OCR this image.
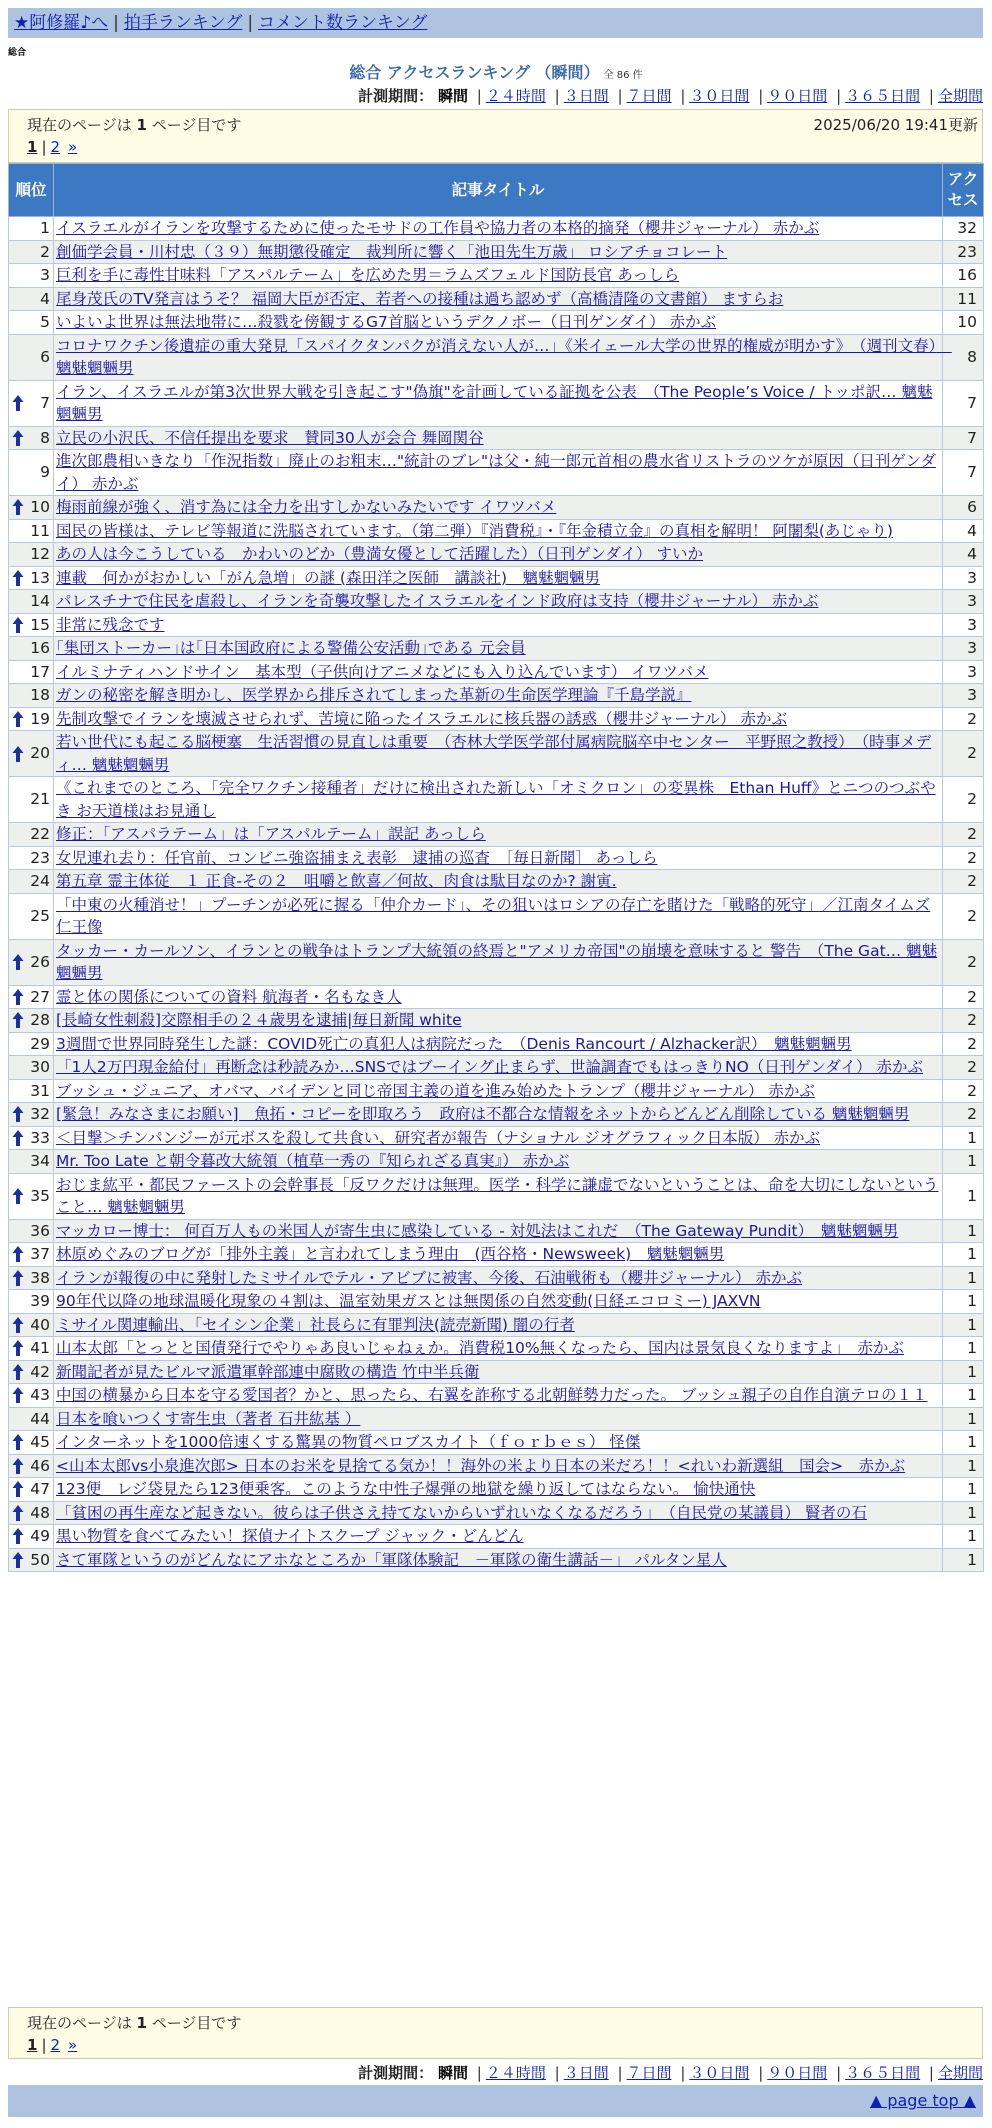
★阿修羅♪へ | 拍手ランキング | コメント数ランキング
総合
総合 アクセスランキング （瞬間） 全 86 件
計測期間： 瞬間 | ２４時間 | ３日間 | ７日間 | ３０日間 | ９０日間 | ３６５日間 | 全期間
現在のページは 1 ページ目です	2025/06/20 19:41更新
1 | 2 »
順位	記事タイトル	アクセス
1	イスラエルがイランを攻撃するために使ったモサドの工作員や協力者の本格的摘発（櫻井ジャーナル） 赤かぶ	32
2	創価学会員・川村忠（３９）無期懲役確定　裁判所に響く「池田先生万歳」 ロシアチョコレート	23
3	巨利を手に毒性甘味料「アスパルテーム」を広めた男＝ラムズフェルド国防長官 あっしら	16
4	尾身茂氏のTV発言はうそ？ 福岡大臣が否定、若者への接種は過ち認めず（高橋清隆の文書館） ますらお	11
5	いよいよ世界は無法地帯に…殺戮を傍観するG7首脳というデクノボー（日刊ゲンダイ） 赤かぶ	10
6	コロナワクチン後遺症の重大発見「スパイクタンパクが消えない人が…」《米イェール大学の世界的権威が明かす》　（週刊文春）　魑魅魍魎男	8

7	イラン、イスラエルが第3次世界大戦を引き起こす"偽旗"を計画している証拠を公表　（The People’s Voice / トッポ訳… 魑魅魍魎男	7

8	立民の小沢氏、不信任提出を要求　賛同30人が会合 舞岡関谷	7
9	進次郎農相いきなり「作況指数」廃止のお粗末…"統計のブレ"は父・純一郎元首相の農水省リストラのツケが原因（日刊ゲンダイ） 赤かぶ	7

10	梅雨前線が強く、消す為には全力を出すしかないみたいです イワツバメ	6
11	国民の皆様は、テレビ等報道に洗脳されています。（第二弾）『消費税』・『年金積立金』の真相を解明！ 阿闍梨(あじゃり)	4
12	あの人は今こうしている　かわいのどか（豊満女優として活躍した）（日刊ゲンダイ） すいか	4

13	連載　何かがおかしい「がん急増」の謎 (森田洋之医師　講談社)　魑魅魍魎男	3
14	パレスチナで住民を虐殺し、イランを奇襲攻撃したイスラエルをインド政府は支持（櫻井ジャーナル） 赤かぶ	3

15	非常に残念です	3
16	｢集団ストーカー｣は｢日本国政府による警備公安活動｣である 元会員	3
17	イルミナティハンドサイン　基本型（子供向けアニメなどにも入り込んでいます） イワツバメ	3
18	ガンの秘密を解き明かし、医学界から排斥されてしまった革新の生命医学理論『千島学説』	3

19	先制攻撃でイランを壊滅させられず、苦境に陥ったイスラエルに核兵器の誘惑（櫻井ジャーナル） 赤かぶ	2

20	若い世代にも起こる脳梗塞　生活習慣の見直しは重要　（杏林大学医学部付属病院脳卒中センター　平野照之教授）　（時事メディ… 魑魅魍魎男	2
21	《これまでのところ、「完全ワクチン接種者」だけに検出された新しい「オミクロン」の変異株　Ethan Huff》とニつのつぶやき お天道様はお見通し	2
22	修正：「アスパラテーム」は「アスパルテーム」誤記 あっしら	2
23	女児連れ去り：任官前、コンビニ強盗捕まえ表彰　逮捕の巡査　［毎日新聞］ あっしら	2
24	第五章 霊主体従　１ 正食-その２　咀嚼と飲喜／何故、肉食は駄目なのか? 謝寅.	2
25	「中東の火種消せ！」プーチンが必死に握る「仲介カード」、その狙いはロシアの存亡を賭けた「戦略的死守」／江南タイムズ 仁王像	2

26	タッカー・カールソン、イランとの戦争はトランプ大統領の終焉と"アメリカ帝国"の崩壊を意味すると 警告　（The Gat… 魑魅魍魎男	2

27	霊と体の関係についての資料 航海者・名もなき人	2

28	[長崎女性刺殺]交際相手の２４歳男を逮捕|毎日新聞 white	2
29	3週間で世界同時発生した謎：COVID死亡の真犯人は病院だった　（Denis Rancourt / Alzhacker訳）　魑魅魍魎男	2
30	「1人2万円現金給付」再断念は秒読みか…SNSではブーイング止まらず、世論調査でもはっきりNO（日刊ゲンダイ） 赤かぶ	2
31	ブッシュ・ジュニア、オバマ、バイデンと同じ帝国主義の道を進み始めたトランプ（櫻井ジャーナル） 赤かぶ	2

32	[緊急！みなさまにお願い]　魚拓・コピーを即取ろう　政府は不都合な情報をネットからどんどん削除している 魑魅魍魎男	2

33	＜目撃＞チンパンジーが元ボスを殺して共食い、研究者が報告（ナショナル ジオグラフィック日本版） 赤かぶ	1
34	Mr. Too Late と朝令暮改大統領（植草一秀の『知られざる真実』） 赤かぶ	1

35	おじま紘平・都民ファーストの会幹事長「反ワクだけは無理。医学・科学に謙虚でないということは、命を大切にしないということ… 魑魅魍魎男	1
36	マッカロー博士： 何百万人もの米国人が寄生虫に感染している - 対処法はこれだ　（The Gateway Pundit）　魑魅魍魎男	1

37	林原めぐみのブログが「排外主義」と言われてしまう理由　(西谷格・Newsweek)　魑魅魍魎男	1

38	イランが報復の中に発射したミサイルでテル・アビブに被害、今後、石油戦術も（櫻井ジャーナル） 赤かぶ	1
39	90年代以降の地球温暖化現象の４割は、温室効果ガスとは無関係の自然変動(日経エコロミー) JAXVN	1

40	ミサイル関連輸出、「セイシン企業」社長らに有罪判決(読売新聞) 闇の行者	1

41	山本太郎「とっとと国債発行でやりゃあ良いじゃねぇか。消費税10%無くなったら、国内は景気良くなりますよ」　赤かぶ	1

42	新聞記者が見たビルマ派遣軍幹部連中腐敗の構造 竹中半兵衛	1

43	中国の横暴から日本を守る愛国者？かと、思ったら、右翼を詐称する北朝鮮勢力だった。 ブッシュ親子の自作自演テロの１１	1
44	日本を喰いつくす寄生虫（著者 石井紘基 ）	1

45	インターネットを1000倍速くする驚異の物質ペロブスカイト（ｆｏｒｂｅｓ） 怪傑	1

46	<山本太郎vs小泉進次郎> 日本のお米を見捨てる気か！！海外の米より日本の米だろ！！<れいわ新選組　国会>　赤かぶ	1

47	123便　レジ袋見たら123便乗客。このような中性子爆弾の地獄を繰り返してはならない。 愉快通快	1

48	「貧困の再生産など起きない。彼らは子供さえ持てないからいずれいなくなるだろう」　（自民党の某議員） 賢者の石	1

49	黒い物質を食べてみたい！探偵ナイトスクープ ジャック・どんどん	1

50	さて軍隊というのがどんなにアホなところか「軍隊体験記　－軍隊の衛生講話－」 パルタン星人	1
現在のページは 1 ページ目です
1 | 2 »
計測期間： 瞬間 | ２４時間 | ３日間 | ７日間 | ３０日間 | ９０日間 | ３６５日間 | 全期間
▲ page top ▲
